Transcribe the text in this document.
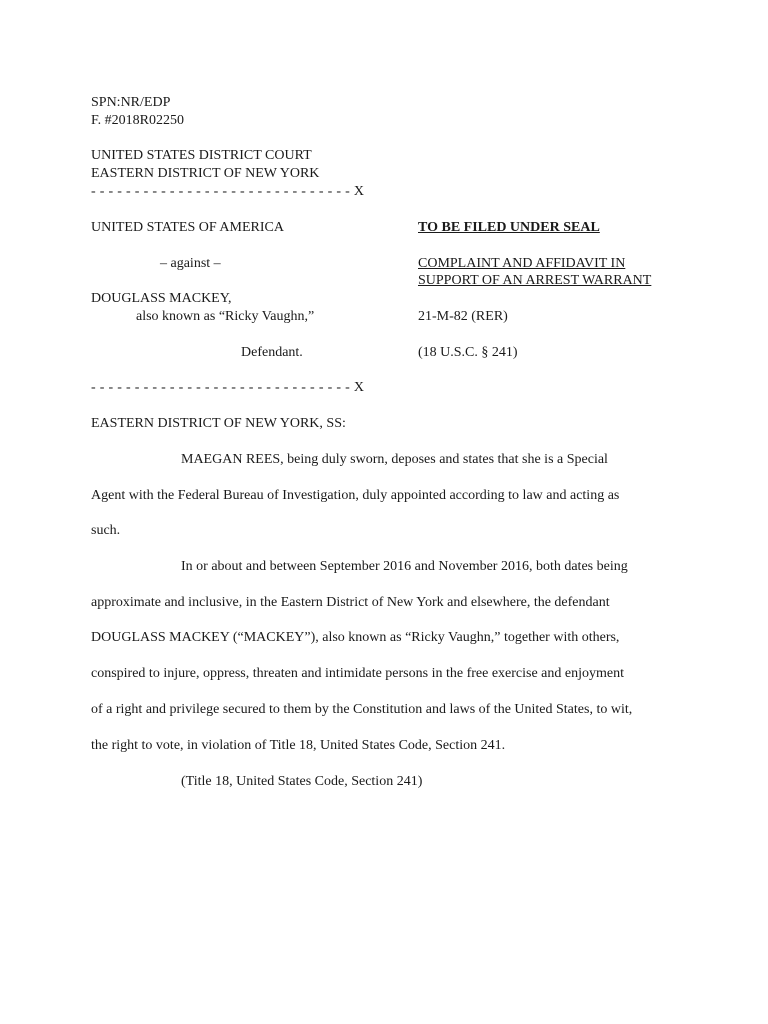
SPN:NR/EDP
F. #2018R02250
UNITED STATES DISTRICT COURT
EASTERN DISTRICT OF NEW YORK
- - - - - - - - - - - - - - - - - - - - - - - - - - - - - - X
UNITED STATES OF AMERICA
– against –
DOUGLASS MACKEY,
also known as “Ricky Vaughn,”
Defendant.
TO BE FILED UNDER SEAL
COMPLAINT AND AFFIDAVIT IN
SUPPORT OF AN ARREST WARRANT
21-M-82 (RER)
(18 U.S.C. § 241)
- - - - - - - - - - - - - - - - - - - - - - - - - - - - - - X
EASTERN DISTRICT OF NEW YORK, SS:
MAEGAN REES, being duly sworn, deposes and states that she is a Special
Agent with the Federal Bureau of Investigation, duly appointed according to law and acting as
such.
In or about and between September 2016 and November 2016, both dates being
approximate and inclusive, in the Eastern District of New York and elsewhere, the defendant
DOUGLASS MACKEY (“MACKEY”), also known as “Ricky Vaughn,” together with others,
conspired to injure, oppress, threaten and intimidate persons in the free exercise and enjoyment
of a right and privilege secured to them by the Constitution and laws of the United States, to wit,
the right to vote, in violation of Title 18, United States Code, Section 241.
(Title 18, United States Code, Section 241)
